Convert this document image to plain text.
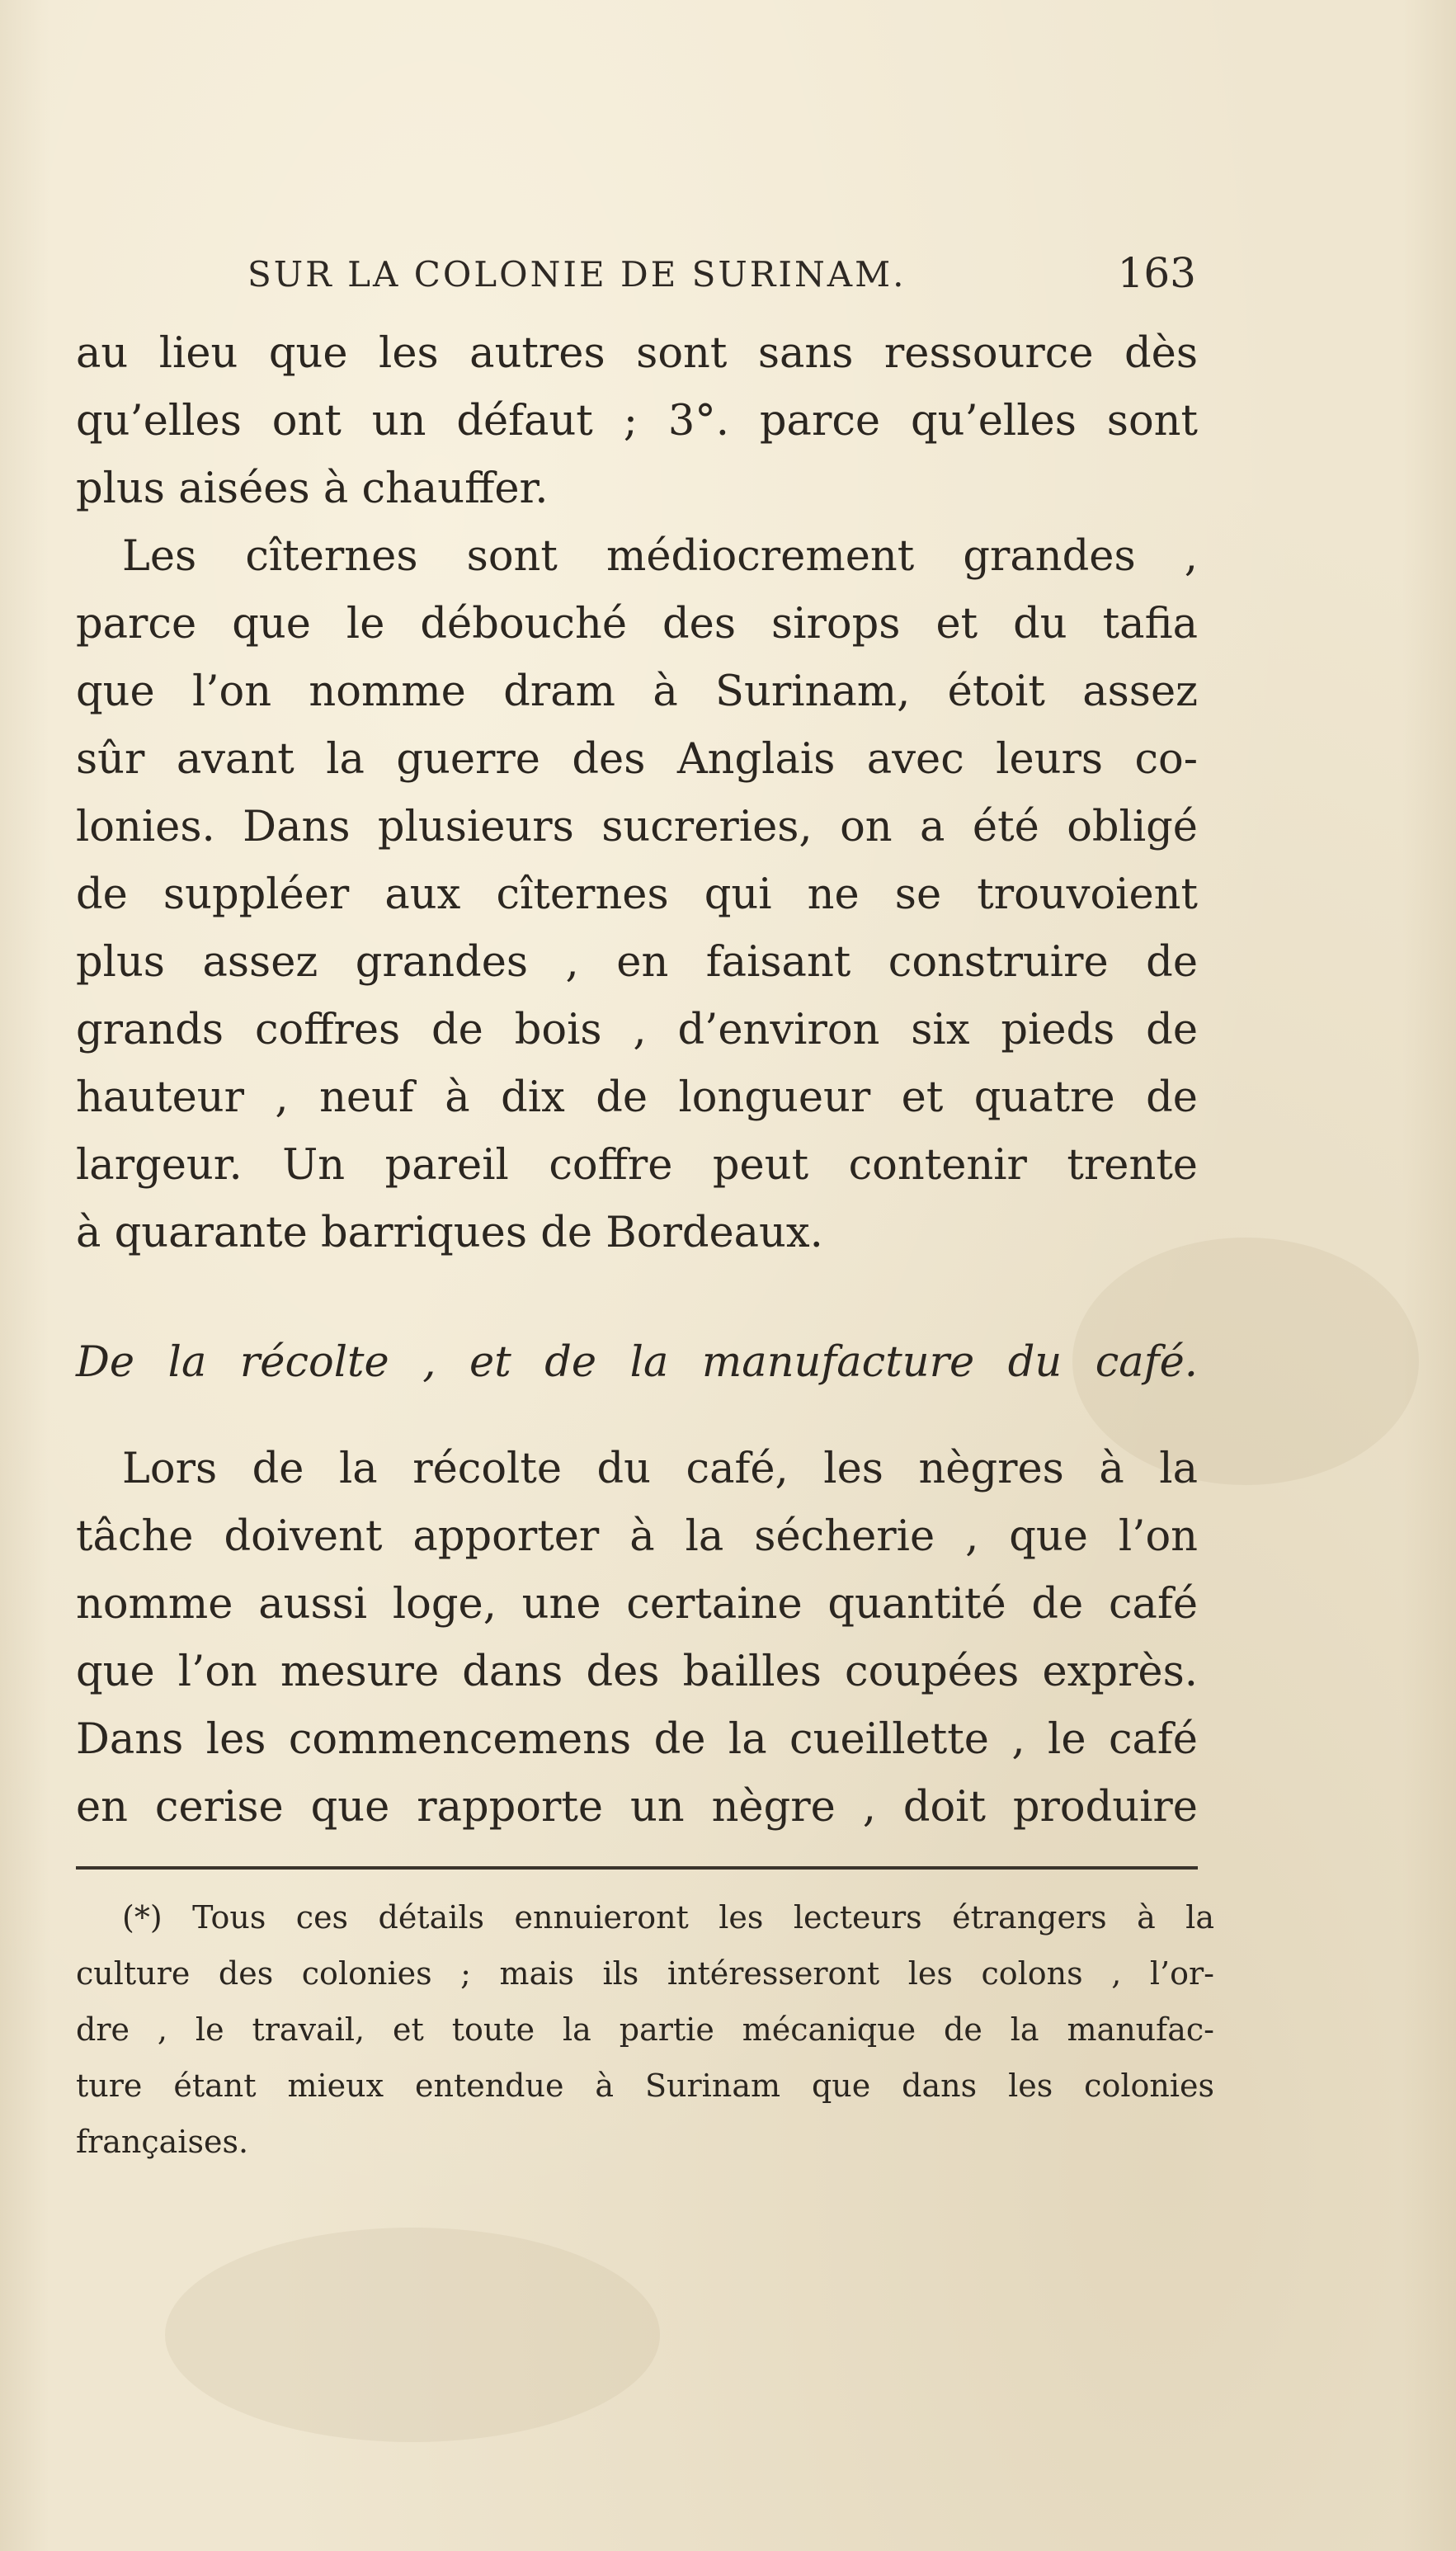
SUR LA COLONIE DE SURINAM.	163
au lieu que les autres sont sans ressource dès
qu’elles ont un défaut ; 3°. parce qu’elles sont
plus aisées à chauffer.
Les cîternes sont médiocrement grandes ,
parce que le débouché des sirops et du tafia
que l’on nomme dram à Surinam, étoit assez
sûr avant la guerre des Anglais avec leurs co-
lonies. Dans plusieurs sucreries, on a été obligé
de suppléer aux cîternes qui ne se trouvoient
plus assez grandes , en faisant construire de
grands coffres de bois , d’environ six pieds de
hauteur , neuf à dix de longueur et quatre de
largeur. Un pareil coffre peut contenir trente
à quarante barriques de Bordeaux.
De la récolte , et de la manufacture du café.
Lors de la récolte du café, les nègres à la
tâche doivent apporter à la sécherie , que l’on
nomme aussi loge, une certaine quantité de café
que l’on mesure dans des bailles coupées exprès.
Dans les commencemens de la cueillette , le café
en cerise que rapporte un nègre , doit produire
(*) Tous ces détails ennuieront les lecteurs étrangers à la
culture des colonies ; mais ils intéresseront les colons , l’or-
dre , le travail, et toute la partie mécanique de la manufac-
ture étant mieux entendue à Surinam que dans les colonies
françaises.
